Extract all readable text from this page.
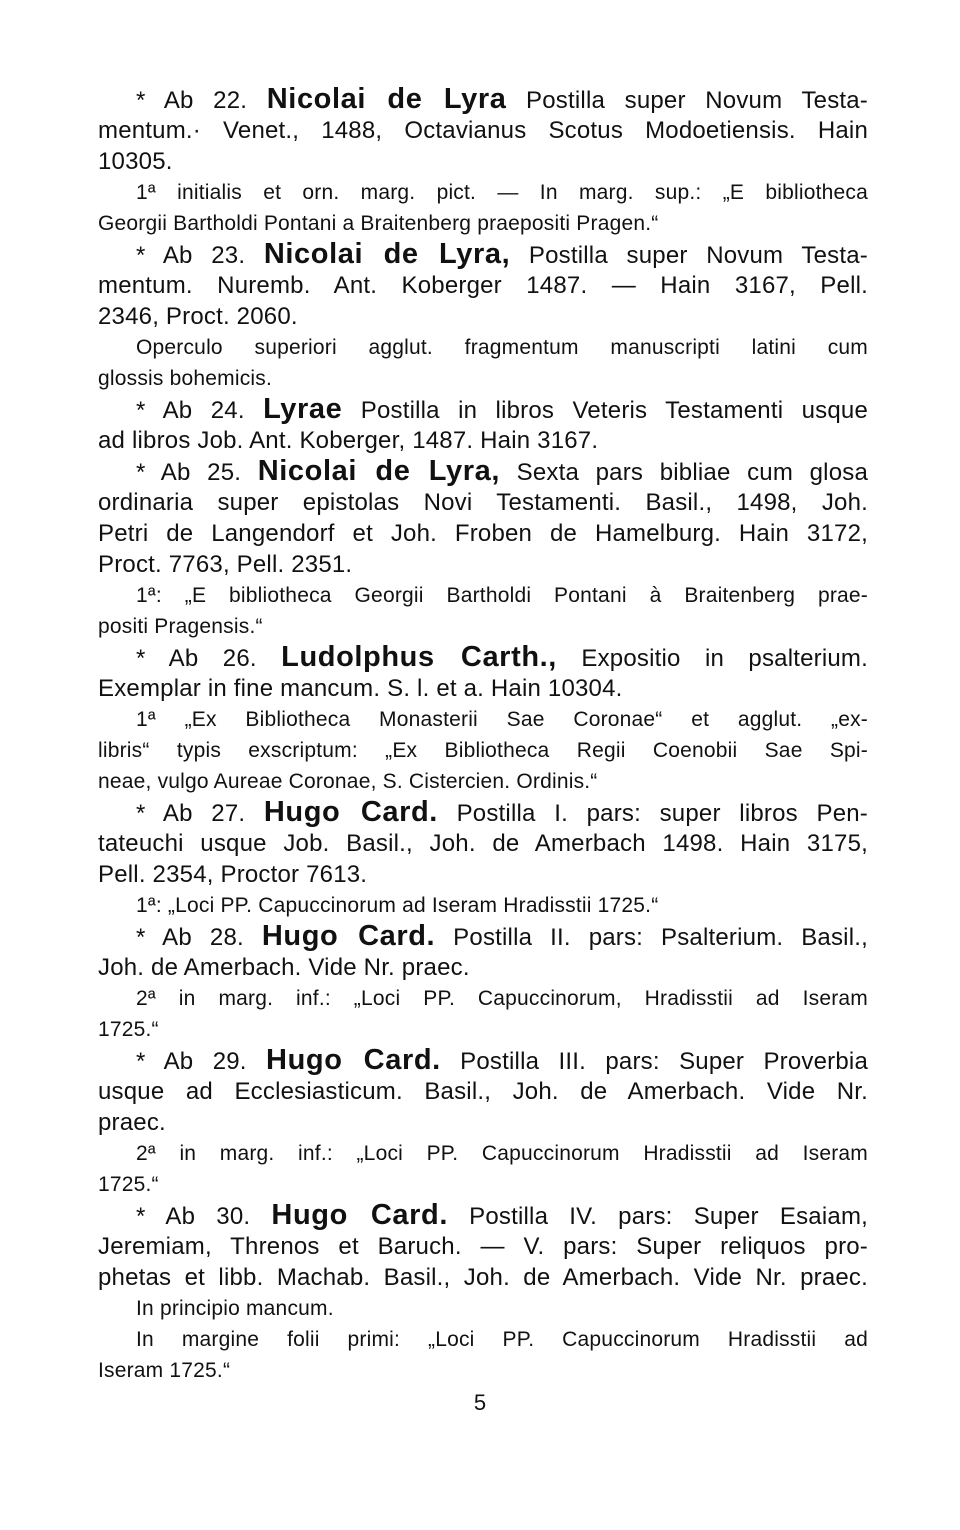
* Ab 22. Nicolai de Lyra Postilla super Novum Testa-
mentum.· Venet., 1488, Octavianus Scotus Modoetiensis. Hain
10305.
1ª initialis et orn. marg. pict. — In marg. sup.: „E bibliotheca
Georgii Bartholdi Pontani a Braitenberg praepositi Pragen.“
* Ab 23. Nicolai de Lyra, Postilla super Novum Testa-
mentum. Nuremb. Ant. Koberger 1487. — Hain 3167, Pell.
2346, Proct. 2060.
Operculo superiori agglut. fragmentum manuscripti latini cum
glossis bohemicis.
* Ab 24. Lyrae Postilla in libros Veteris Testamenti usque
ad libros Job. Ant. Koberger, 1487. Hain 3167.
* Ab 25. Nicolai de Lyra, Sexta pars bibliae cum glosa
ordinaria super epistolas Novi Testamenti. Basil., 1498, Joh.
Petri de Langendorf et Joh. Froben de Hamelburg. Hain 3172,
Proct. 7763, Pell. 2351.
1ª: „E bibliotheca Georgii Bartholdi Pontani à Braitenberg prae-
positi Pragensis.“
* Ab 26. Ludolphus Carth., Expositio in psalterium.
Exemplar in fine mancum. S. l. et a. Hain 10304.
1ª „Ex Bibliotheca Monasterii Sae Coronae“ et agglut. „ex-
libris“ typis exscriptum: „Ex Bibliotheca Regii Coenobii Sae Spi-
neae, vulgo Aureae Coronae, S. Cistercien. Ordinis.“
* Ab 27. Hugo Card. Postilla I. pars: super libros Pen-
tateuchi usque Job. Basil., Joh. de Amerbach 1498. Hain 3175,
Pell. 2354, Proctor 7613.
1ª: „Loci PP. Capuccinorum ad Iseram Hradisstii 1725.“
* Ab 28. Hugo Card. Postilla II. pars: Psalterium. Basil.,
Joh. de Amerbach. Vide Nr. praec.
2ª in marg. inf.: „Loci PP. Capuccinorum, Hradisstii ad Iseram
1725.“
* Ab 29. Hugo Card. Postilla III. pars: Super Proverbia
usque ad Ecclesiasticum. Basil., Joh. de Amerbach. Vide Nr.
praec.
2ª in marg. inf.: „Loci PP. Capuccinorum Hradisstii ad Iseram
1725.“
* Ab 30. Hugo Card. Postilla IV. pars: Super Esaiam,
Jeremiam, Threnos et Baruch. — V. pars: Super reliquos pro-
phetas et libb. Machab. Basil., Joh. de Amerbach. Vide Nr. praec.
In principio mancum.
In margine folii primi: „Loci PP. Capuccinorum Hradisstii ad
Iseram 1725.“
5
